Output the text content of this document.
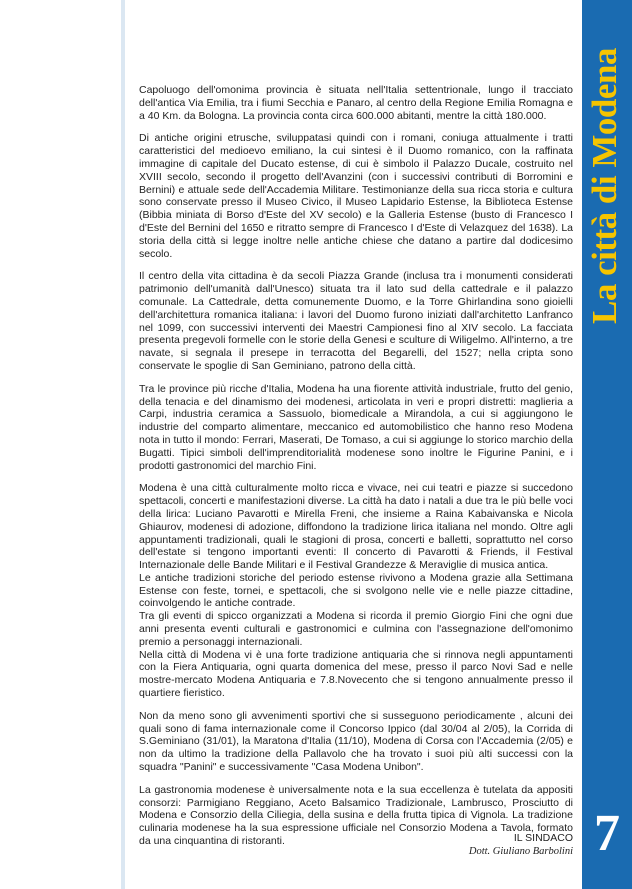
La città di Modena
7

Capoluogo dell'omonima provincia è situata nell'Italia settentrionale, lungo il tracciato dell'antica Via Emilia, tra i fiumi Secchia e Panaro, al centro della Regione Emilia Romagna e a 40 Km. da Bologna. La provincia conta circa 600.000 abitanti, mentre la città 180.000.

Di antiche origini etrusche, sviluppatasi quindi con i romani, coniuga attualmente i tratti caratteristici del medioevo emiliano, la cui sintesi è il Duomo romanico, con la raffinata immagine di capitale del Ducato estense, di cui è simbolo il Palazzo Ducale, costruito nel XVIII secolo, secondo il progetto dell'Avanzini (con i successivi contributi di Borromini e Bernini) e attuale sede dell'Accademia Militare. Testimonianze della sua ricca storia e cultura sono conservate presso il Museo Civico, il Museo Lapidario Estense, la Biblioteca Estense (Bibbia miniata di Borso d'Este del XV secolo) e la Galleria Estense (busto di Francesco I d'Este del Bernini del 1650 e ritratto sempre di Francesco I d'Este di Velazquez del 1638). La storia della città si legge inoltre nelle antiche chiese che datano a partire dal dodicesimo secolo.

Il centro della vita cittadina è da secoli Piazza Grande (inclusa tra i monumenti considerati patrimonio dell'umanità dall'Unesco) situata tra il lato sud della cattedrale e il palazzo comunale. La Cattedrale, detta comunemente Duomo, e la Torre Ghirlandina sono gioielli dell'architettura romanica italiana: i lavori del Duomo furono iniziati dall'architetto Lanfranco nel 1099, con successivi interventi dei Maestri Campionesi fino al XIV secolo. La facciata presenta pregevoli formelle con le storie della Genesi e sculture di Wiligelmo. All'interno, a tre navate, si segnala il presepe in terracotta del Begarelli, del 1527; nella cripta sono conservate le spoglie di San Geminiano, patrono della città.

Tra le province più ricche d'Italia, Modena ha una fiorente attività industriale, frutto del genio, della tenacia e del dinamismo dei modenesi, articolata in veri e propri distretti: maglieria a Carpi, industria ceramica a Sassuolo, biomedicale a Mirandola, a cui si aggiungono le industrie del comparto alimentare, meccanico ed automobilistico che hanno reso Modena nota in tutto il mondo: Ferrari, Maserati, De Tomaso, a cui si aggiunge lo storico marchio della Bugatti. Tipici simboli dell'imprenditorialità modenese sono inoltre le Figurine Panini, e i prodotti gastronomici del marchio Fini.

Modena è una città culturalmente molto ricca e vivace, nei cui teatri e piazze si succedono spettacoli, concerti e manifestazioni diverse. La città ha dato i natali a due tra le più belle voci della lirica: Luciano Pavarotti e Mirella Freni, che insieme a Raina Kabaivanska e Nicola Ghiaurov, modenesi di adozione, diffondono la tradizione lirica italiana nel mondo. Oltre agli appuntamenti tradizionali, quali le stagioni di prosa, concerti e balletti, soprattutto nel corso dell'estate si tengono importanti eventi: Il concerto di Pavarotti & Friends, il Festival Internazionale delle Bande Militari e il Festival Grandezze & Meraviglie di musica antica.

Le antiche tradizioni storiche del periodo estense rivivono a Modena grazie alla Settimana Estense con feste, tornei, e spettacoli, che si svolgono nelle vie e nelle piazze cittadine, coinvolgendo le antiche contrade.

Tra gli eventi di spicco organizzati a Modena si ricorda il premio Giorgio Fini che ogni due anni presenta eventi culturali e gastronomici e culmina con l'assegnazione dell'omonimo premio a personaggi internazionali.

Nella città di Modena vi è una forte tradizione antiquaria che si rinnova negli appuntamenti con la Fiera Antiquaria, ogni quarta domenica del mese, presso il parco Novi Sad e nelle mostre-mercato Modena Antiquaria e 7.8.Novecento che si tengono annualmente presso il quartiere fieristico.

Non da meno sono gli avvenimenti sportivi che si susseguono periodicamente , alcuni dei quali sono di fama internazionale come il Concorso Ippico (dal 30/04 al 2/05), la Corrida di S.Geminiano (31/01), la Maratona d'Italia (11/10), Modena di Corsa con l'Accademia (2/05) e non da ultimo la tradizione della Pallavolo che ha trovato i suoi più alti successi con la squadra "Panini" e successivamente "Casa Modena Unibon".

La gastronomia modenese è universalmente nota e la sua eccellenza è tutelata da appositi consorzi: Parmigiano Reggiano, Aceto Balsamico Tradizionale, Lambrusco, Prosciutto di Modena e Consorzio della Ciliegia, della susina e della frutta tipica di Vignola. La tradizione culinaria modenese ha la sua espressione ufficiale nel Consorzio Modena a Tavola, formato da una cinquantina di ristoranti.	IL SINDACO
Dott. Giuliano Barbolini
